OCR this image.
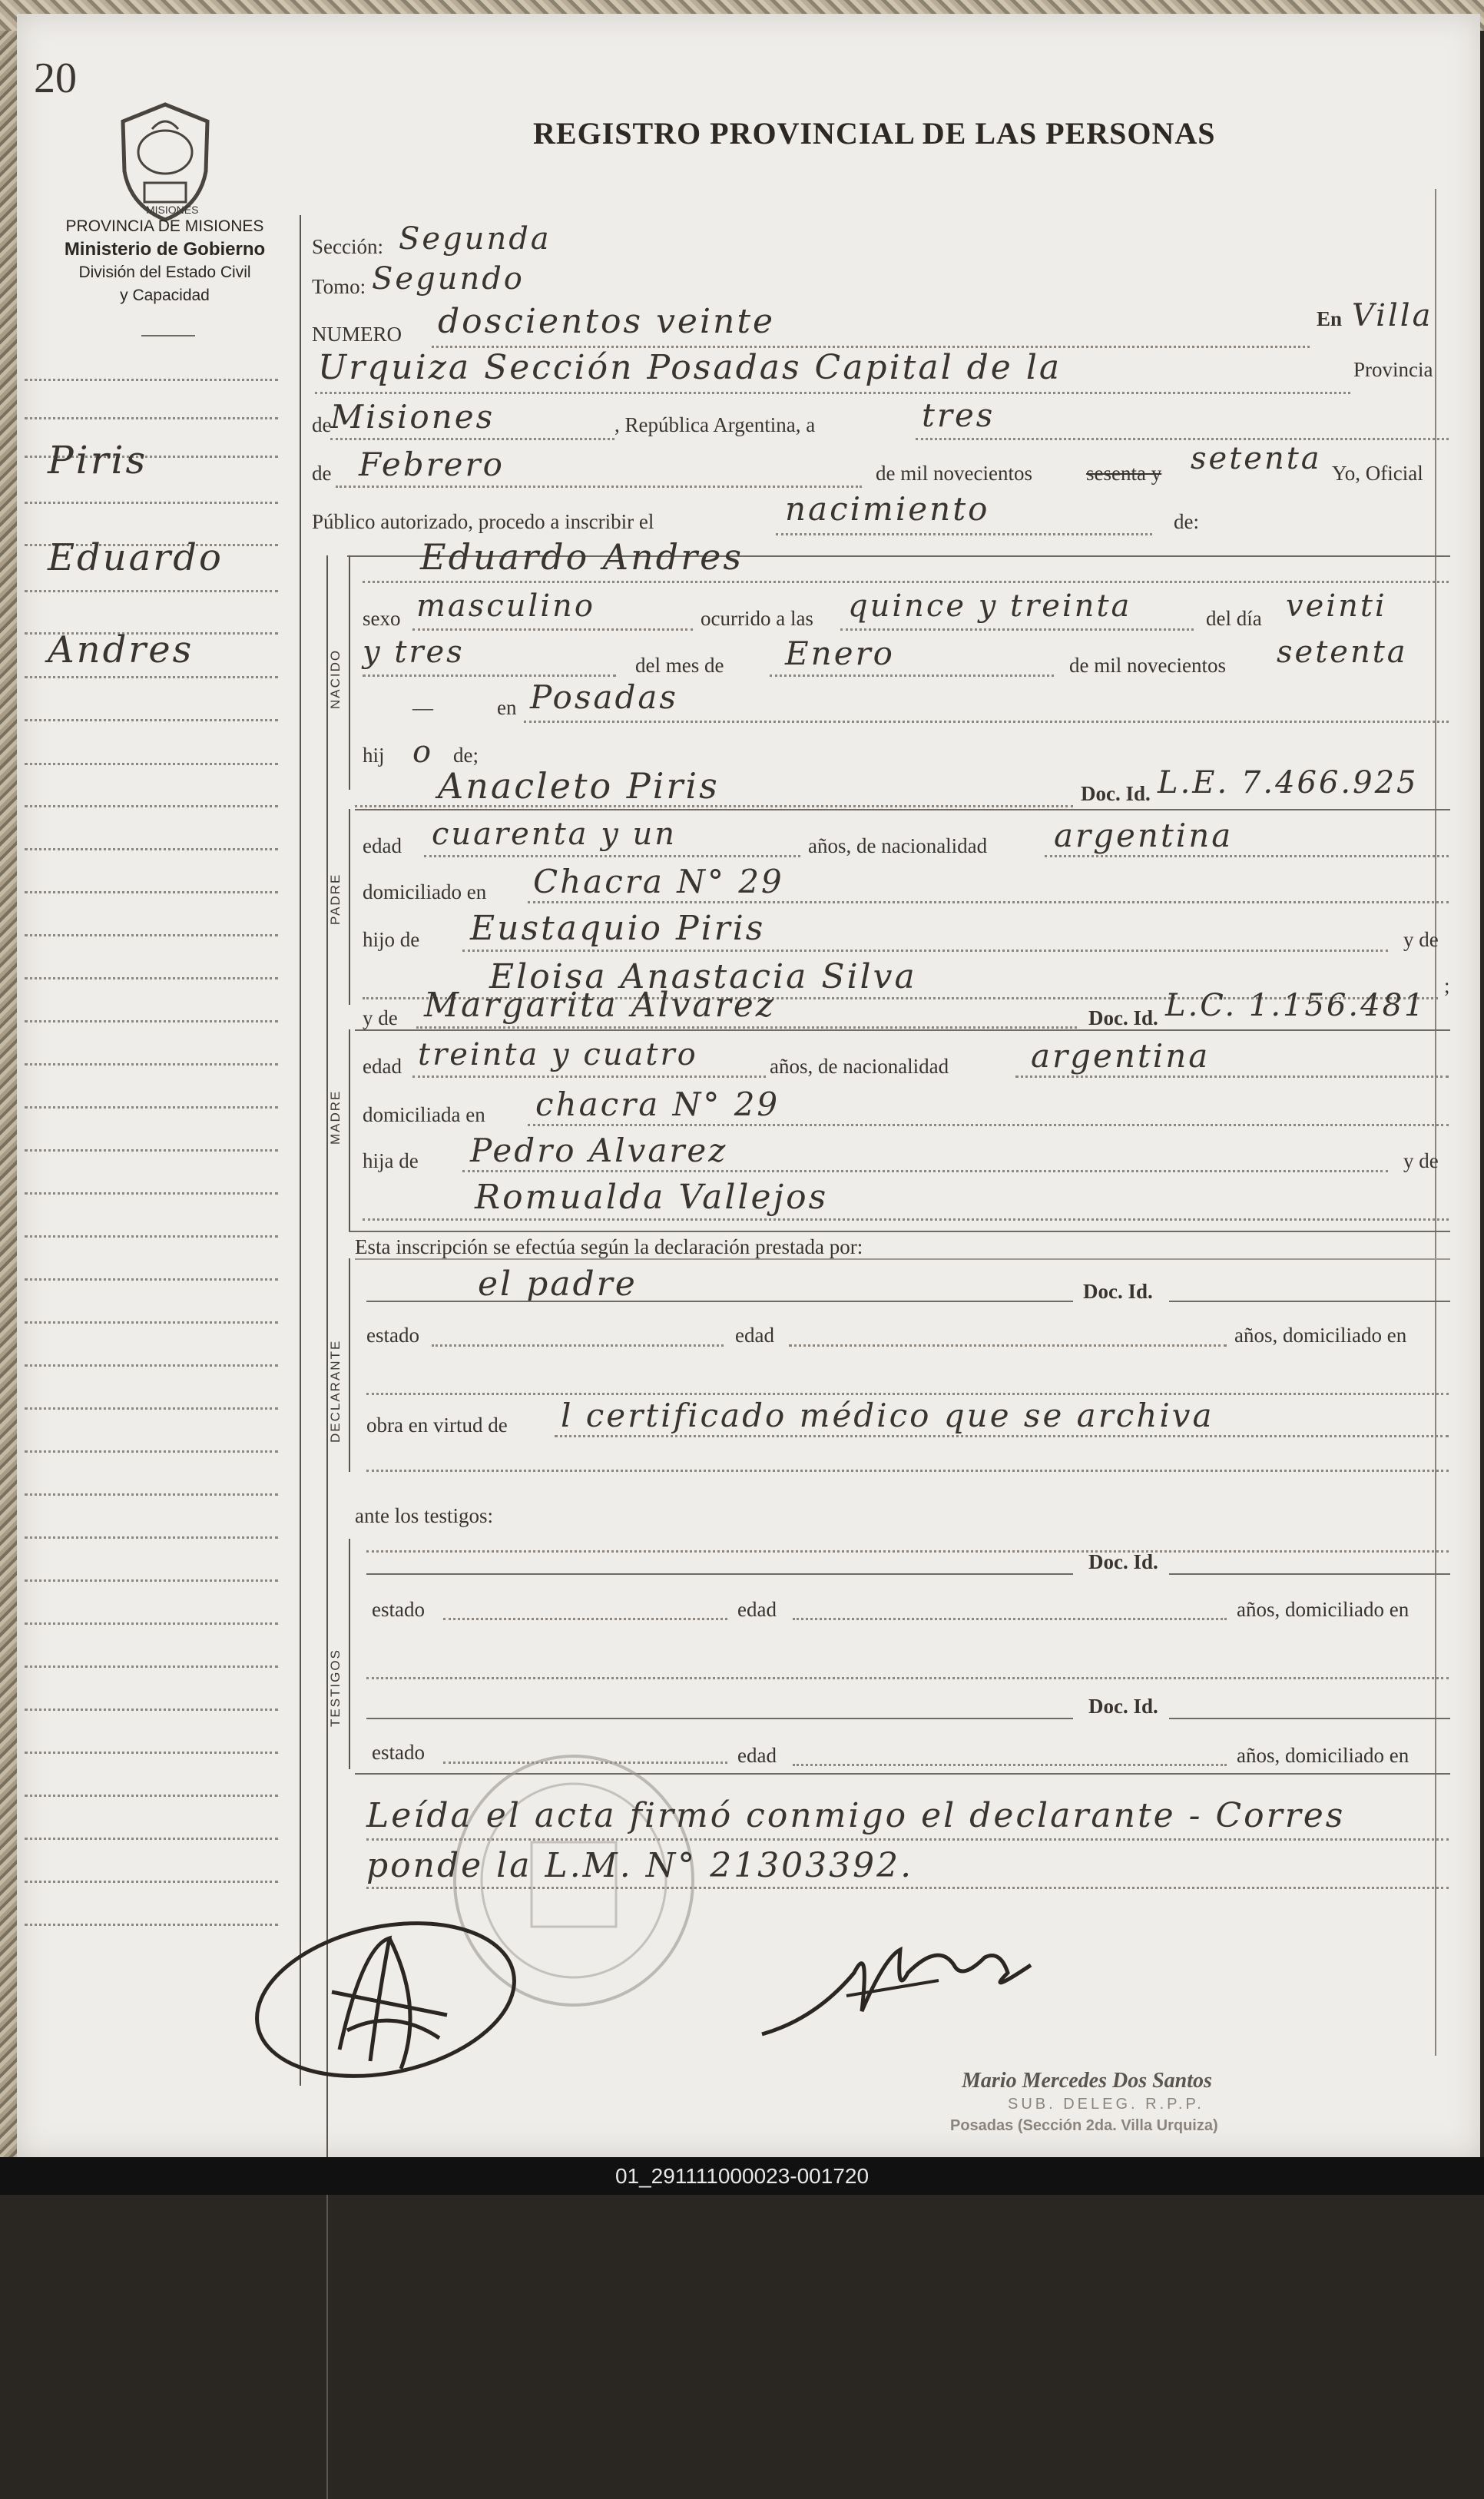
20
MISIONES
PROVINCIA DE MISIONES
Ministerio de Gobierno
División del Estado Civil
y Capacidad
REGISTRO PROVINCIAL DE LAS PERSONAS
Piris
Eduardo
Andres
Sección: Segunda
Tomo: Segundo
NUMERO doscientos veinte	En Villa
Urquiza Sección Posadas Capital de la	Provincia
de
Misiones	, República Argentina, a	tres
de Febrero	de mil novecientos	sesenta y setenta Yo, Oficial
Público autorizado, procedo a inscribir el	nacimiento	de:
NACIDO
Eduardo Andres
sexo masculino	ocurrido a las quince y treinta	del día veinti
y tres	del mes de Enero	de mil novecientos setenta
—	en Posadas
hij o de;
Anacleto Piris	Doc. Id. L.E. 7.466.925
PADRE
edad cuarenta y un	años, de nacionalidad argentina
domiciliado en Chacra N° 29
hijo de Eustaquio Piris	y de
Eloisa Anastacia Silva	;
y de Margarita Alvarez	Doc. Id. L.C. 1.156.481
MADRE
edad treinta y cuatro	años, de nacionalidad	argentina
domiciliada en chacra N° 29
hija de Pedro Alvarez	y de
Romualda Vallejos
Esta inscripción se efectúa según la declaración prestada por:
DECLARANTE
el padre	Doc. Id.
estado	edad	años, domiciliado en
obra en virtud de l certificado médico que se archiva
ante los testigos:
TESTIGOS
Doc. Id.
estado	edad	años, domiciliado en
Doc. Id.
estado	edad	años, domiciliado en
Leída el acta firmó conmigo el declarante - Corres
ponde la L.M. N° 21303392.
Mario Mercedes Dos Santos
SUB. DELEG. R.P.P.
Posadas (Sección 2da. Villa Urquiza)
01_291111000023-001720
